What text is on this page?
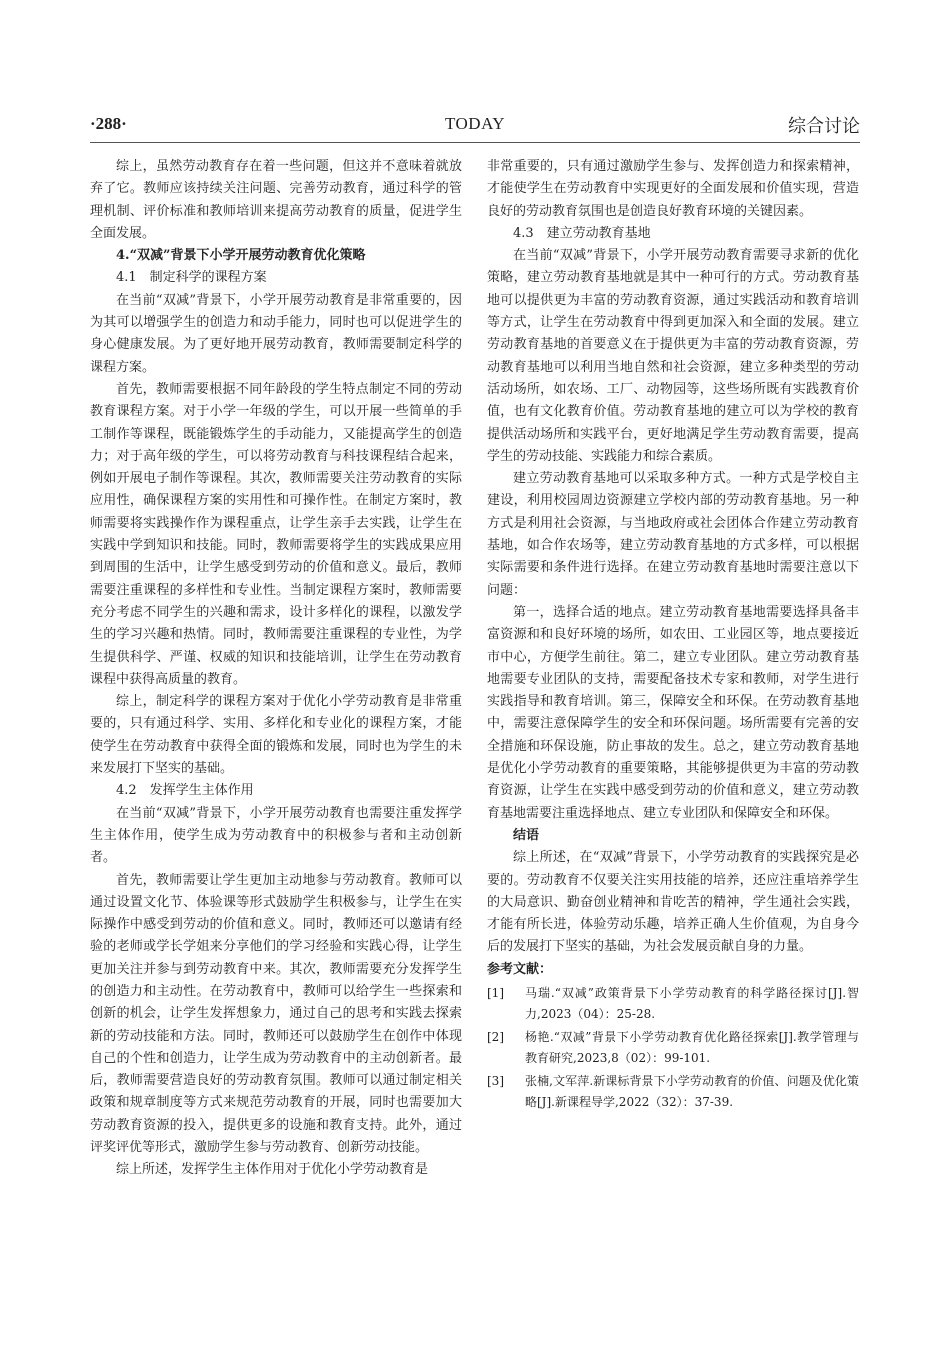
·288·	TODAY	综合讨论

综上，虽然劳动教育存在着一些问题，但这并不意味着就放弃了它。教师应该持续关注问题、完善劳动教育，通过科学的管理机制、评价标准和教师培训来提高劳动教育的质量，促进学生全面发展。

4.“双减”背景下小学开展劳动教育优化策略
4.1　制定科学的课程方案

在当前“双减”背景下，小学开展劳动教育是非常重要的，因为其可以增强学生的创造力和动手能力，同时也可以促进学生的身心健康发展。为了更好地开展劳动教育，教师需要制定科学的课程方案。

首先，教师需要根据不同年龄段的学生特点制定不同的劳动教育课程方案。对于小学一年级的学生，可以开展一些简单的手工制作等课程，既能锻炼学生的手动能力，又能提高学生的创造力；对于高年级的学生，可以将劳动教育与科技课程结合起来，例如开展电子制作等课程。其次，教师需要关注劳动教育的实际应用性，确保课程方案的实用性和可操作性。在制定方案时，教师需要将实践操作作为课程重点，让学生亲手去实践，让学生在实践中学到知识和技能。同时，教师需要将学生的实践成果应用到周围的生活中，让学生感受到劳动的价值和意义。最后，教师需要注重课程的多样性和专业性。当制定课程方案时，教师需要充分考虑不同学生的兴趣和需求，设计多样化的课程，以激发学生的学习兴趣和热情。同时，教师需要注重课程的专业性，为学生提供科学、严谨、权威的知识和技能培训，让学生在劳动教育课程中获得高质量的教育。

综上，制定科学的课程方案对于优化小学劳动教育是非常重要的，只有通过科学、实用、多样化和专业化的课程方案，才能使学生在劳动教育中获得全面的锻炼和发展，同时也为学生的未来发展打下坚实的基础。

4.2　发挥学生主体作用

在当前“双减”背景下，小学开展劳动教育也需要注重发挥学生主体作用，使学生成为劳动教育中的积极参与者和主动创新者。

首先，教师需要让学生更加主动地参与劳动教育。教师可以通过设置文化节、体验课等形式鼓励学生积极参与，让学生在实际操作中感受到劳动的价值和意义。同时，教师还可以邀请有经验的老师或学长学姐来分享他们的学习经验和实践心得，让学生更加关注并参与到劳动教育中来。其次，教师需要充分发挥学生的创造力和主动性。在劳动教育中，教师可以给学生一些探索和创新的机会，让学生发挥想象力，通过自己的思考和实践去探索新的劳动技能和方法。同时，教师还可以鼓励学生在创作中体现自己的个性和创造力，让学生成为劳动教育中的主动创新者。最后，教师需要营造良好的劳动教育氛围。教师可以通过制定相关政策和规章制度等方式来规范劳动教育的开展，同时也需要加大劳动教育资源的投入，提供更多的设施和教育支持。此外，通过评奖评优等形式，激励学生参与劳动教育、创新劳动技能。

综上所述，发挥学生主体作用对于优化小学劳动教育是

非常重要的，只有通过激励学生参与、发挥创造力和探索精神，才能使学生在劳动教育中实现更好的全面发展和价值实现，营造良好的劳动教育氛围也是创造良好教育环境的关键因素。

4.3　建立劳动教育基地

在当前“双减”背景下，小学开展劳动教育需要寻求新的优化策略，建立劳动教育基地就是其中一种可行的方式。劳动教育基地可以提供更为丰富的劳动教育资源，通过实践活动和教育培训等方式，让学生在劳动教育中得到更加深入和全面的发展。建立劳动教育基地的首要意义在于提供更为丰富的劳动教育资源，劳动教育基地可以利用当地自然和社会资源，建立多种类型的劳动活动场所，如农场、工厂、动物园等，这些场所既有实践教育价值，也有文化教育价值。劳动教育基地的建立可以为学校的教育提供活动场所和实践平台，更好地满足学生劳动教育需要，提高学生的劳动技能、实践能力和综合素质。

建立劳动教育基地可以采取多种方式。一种方式是学校自主建设，利用校园周边资源建立学校内部的劳动教育基地。另一种方式是利用社会资源，与当地政府或社会团体合作建立劳动教育基地，如合作农场等，建立劳动教育基地的方式多样，可以根据实际需要和条件进行选择。在建立劳动教育基地时需要注意以下问题：

第一，选择合适的地点。建立劳动教育基地需要选择具备丰富资源和和良好环境的场所，如农田、工业园区等，地点要接近市中心，方便学生前往。第二，建立专业团队。建立劳动教育基地需要专业团队的支持，需要配备技术专家和教师，对学生进行实践指导和教育培训。第三，保障安全和环保。在劳动教育基地中，需要注意保障学生的安全和环保问题。场所需要有完善的安全措施和环保设施，防止事故的发生。总之，建立劳动教育基地是优化小学劳动教育的重要策略，其能够提供更为丰富的劳动教育资源，让学生在实践中感受到劳动的价值和意义，建立劳动教育基地需要注重选择地点、建立专业团队和保障安全和环保。

结语

综上所述，在“双减”背景下，小学劳动教育的实践探究是必要的。劳动教育不仅要关注实用技能的培养，还应注重培养学生的大局意识、勤奋创业精神和肯吃苦的精神，学生通社会实践，才能有所长进，体验劳动乐趣，培养正确人生价值观，为自身今后的发展打下坚实的基础，为社会发展贡献自身的力量。

参考文献：
[1]	马瑞.“双减”政策背景下小学劳动教育的科学路径探讨[J].智力,2023（04）：25-28.
[2]	杨艳.“双减”背景下小学劳动教育优化路径探索[J].教学管理与教育研究,2023,8（02）：99-101.
[3]	张楠,文军萍.新课标背景下小学劳动教育的价值、问题及优化策略[J].新课程导学,2022（32）：37-39.
